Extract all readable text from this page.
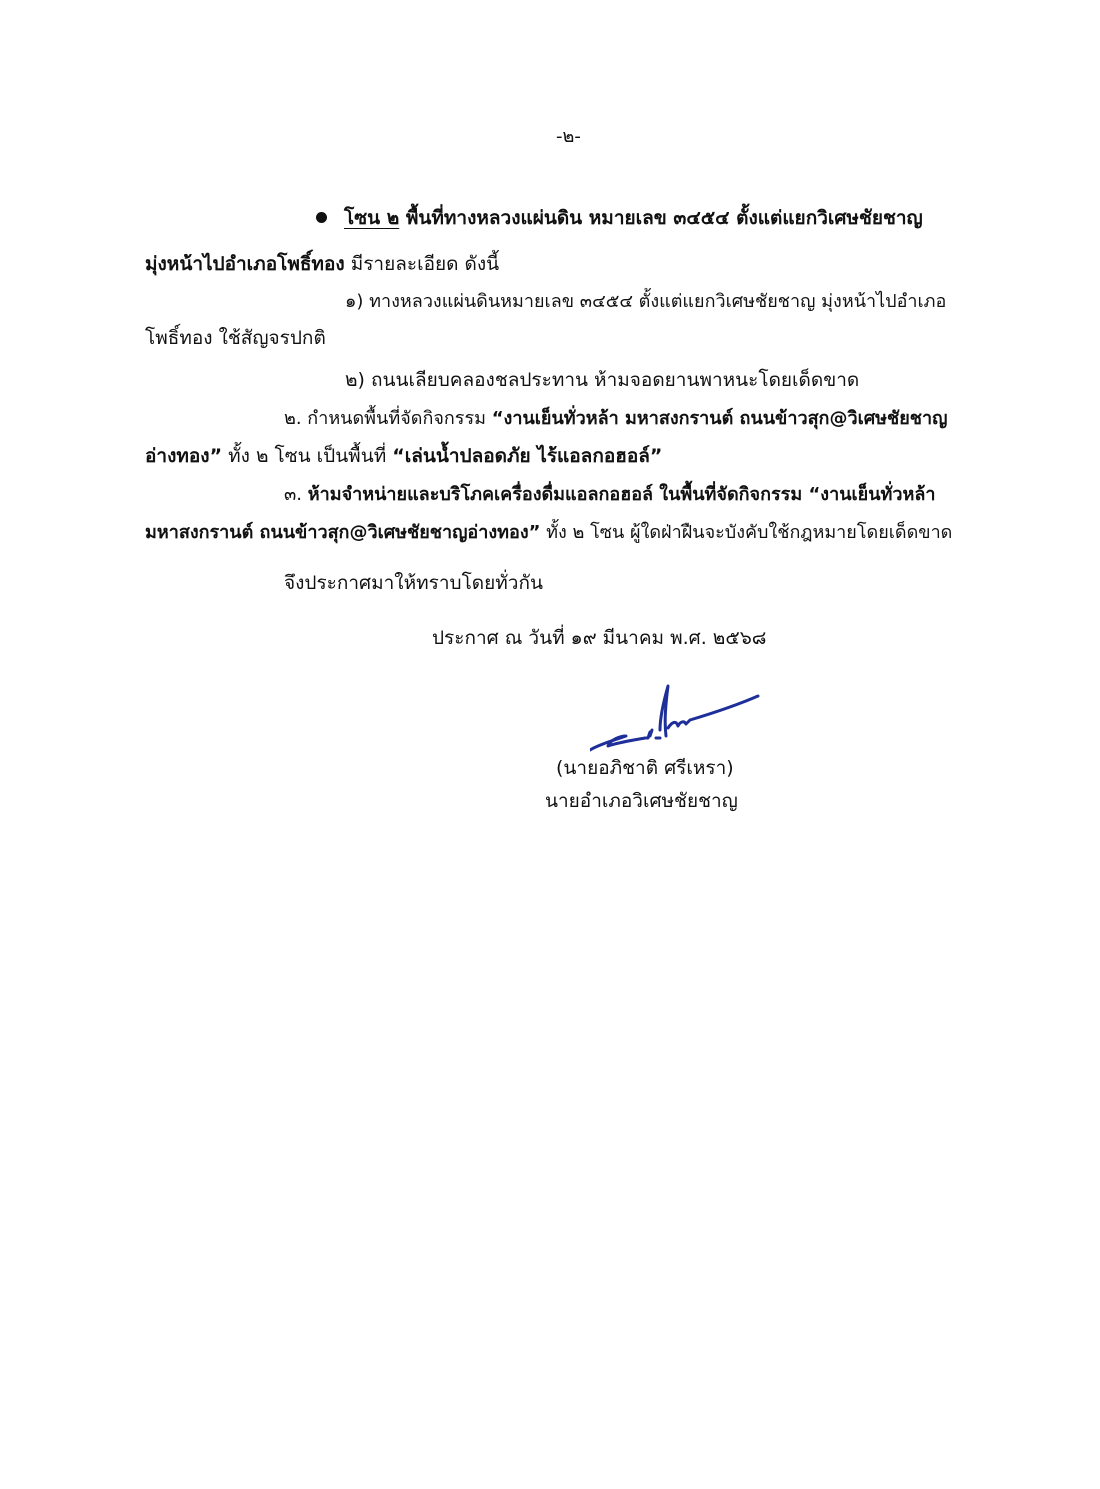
-๒-
โซน ๒ พื้นที่ทางหลวงแผ่นดิน หมายเลข ๓๔๕๔ ตั้งแต่แยกวิเศษชัยชาญ
มุ่งหน้าไปอำเภอโพธิ์ทอง มีรายละเอียด ดังนี้
๑) ทางหลวงแผ่นดินหมายเลข ๓๔๕๔ ตั้งแต่แยกวิเศษชัยชาญ มุ่งหน้าไปอำเภอ
โพธิ์ทอง ใช้สัญจรปกติ
๒) ถนนเลียบคลองชลประทาน ห้ามจอดยานพาหนะโดยเด็ดขาด
๒. กำหนดพื้นที่จัดกิจกรรม “งานเย็นทั่วหล้า มหาสงกรานต์ ถนนข้าวสุก@วิเศษชัยชาญ
อ่างทอง” ทั้ง ๒ โซน เป็นพื้นที่ “เล่นน้ำปลอดภัย ไร้แอลกอฮอล์”
๓. ห้ามจำหน่ายและบริโภคเครื่องดื่มแอลกอฮอล์ ในพื้นที่จัดกิจกรรม “งานเย็นทั่วหล้า
มหาสงกรานต์ ถนนข้าวสุก@วิเศษชัยชาญอ่างทอง” ทั้ง ๒ โซน ผู้ใดฝ่าฝืนจะบังคับใช้กฎหมายโดยเด็ดขาด
จึงประกาศมาให้ทราบโดยทั่วกัน
ประกาศ ณ วันที่ ๑๙ มีนาคม พ.ศ. ๒๕๖๘
(นายอภิชาติ ศรีเหรา)
นายอำเภอวิเศษชัยชาญ
